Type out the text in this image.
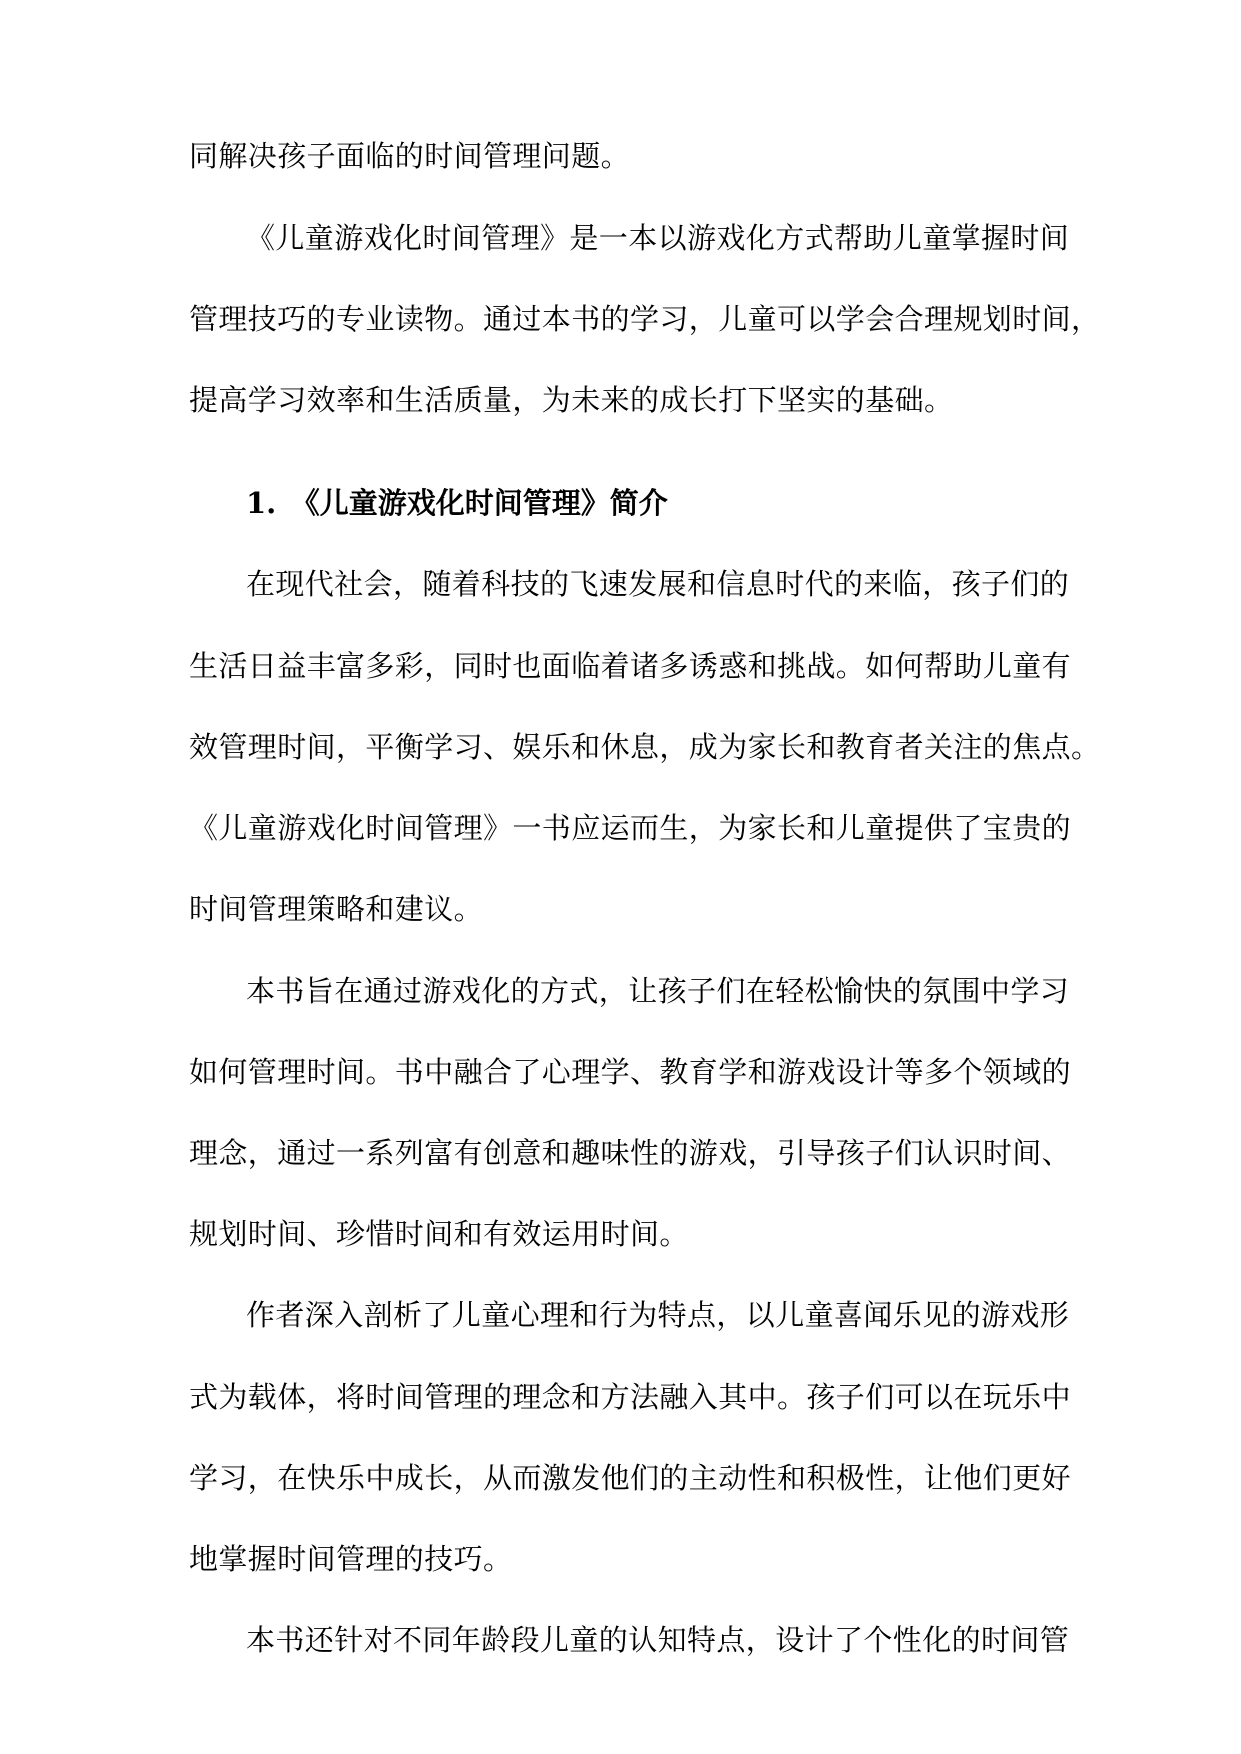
同解决孩子面临的时间管理问题。
《儿童游戏化时间管理》是一本以游戏化方式帮助儿童掌握时间
管理技巧的专业读物。通过本书的学习，儿童可以学会合理规划时间，
提高学习效率和生活质量，为未来的成长打下坚实的基础。
1.　《儿童游戏化时间管理》简介
在现代社会，随着科技的飞速发展和信息时代的来临，孩子们的
生活日益丰富多彩，同时也面临着诸多诱惑和挑战。如何帮助儿童有
效管理时间，平衡学习、娱乐和休息，成为家长和教育者关注的焦点。
《儿童游戏化时间管理》一书应运而生，为家长和儿童提供了宝贵的
时间管理策略和建议。
本书旨在通过游戏化的方式，让孩子们在轻松愉快的氛围中学习
如何管理时间。书中融合了心理学、教育学和游戏设计等多个领域的
理念，通过一系列富有创意和趣味性的游戏，引导孩子们认识时间、
规划时间、珍惜时间和有效运用时间。
作者深入剖析了儿童心理和行为特点，以儿童喜闻乐见的游戏形
式为载体，将时间管理的理念和方法融入其中。孩子们可以在玩乐中
学习，在快乐中成长，从而激发他们的主动性和积极性，让他们更好
地掌握时间管理的技巧。
本书还针对不同年龄段儿童的认知特点，设计了个性化的时间管
